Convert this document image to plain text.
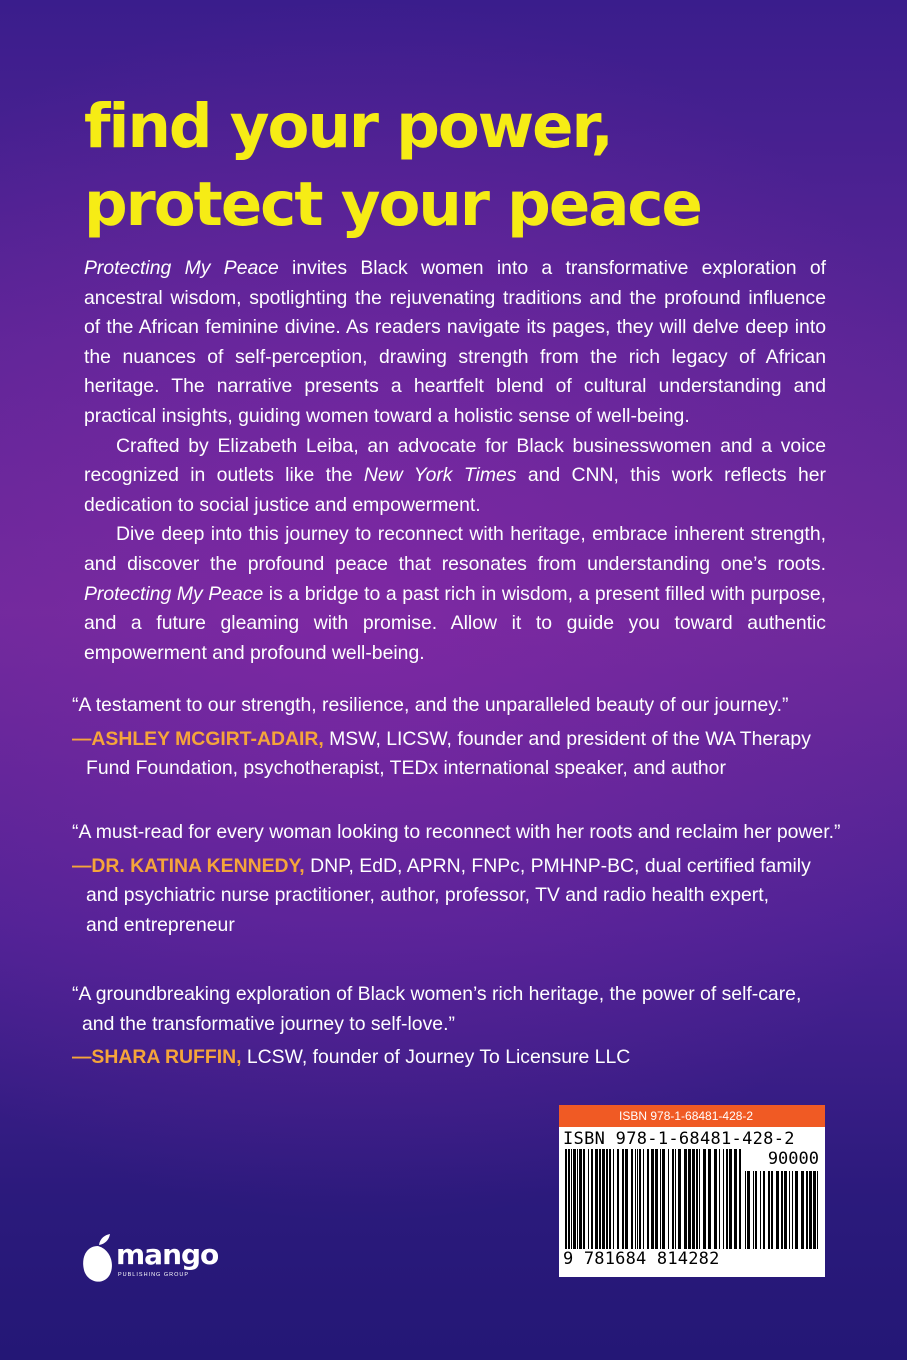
find your power,
protect your peace

Protecting My Peace invites Black women into a transformative exploration of ancestral wisdom, spotlighting the rejuvenating traditions and the profound influence of the African feminine divine. As readers navigate its pages, they will delve deep into the nuances of self-perception, drawing strength from the rich legacy of African heritage. The narrative presents a heartfelt blend of cultural understanding and practical insights, guiding women toward a holistic sense of well-being.

Crafted by Elizabeth Leiba, an advocate for Black businesswomen and a voice recognized in outlets like the New York Times and CNN, this work reflects her dedication to social justice and empowerment.

Dive deep into this journey to reconnect with heritage, embrace inherent strength, and discover the profound peace that resonates from understanding one’s roots. Protecting My Peace is a bridge to a past rich in wisdom, a present filled with purpose, and a future gleaming with promise. Allow it to guide you toward authentic empowerment and profound well-being.

“A testament to our strength, resilience, and the unparalleled beauty of our journey.”

—ASHLEY MCGIRT-ADAIR, MSW, LICSW, founder and president of the WA Therapy
Fund Foundation, psychotherapist, TEDx international speaker, and author

“A must-read for every woman looking to reconnect with her roots and reclaim her power.”

—DR. KATINA KENNEDY, DNP, EdD, APRN, FNPc, PMHNP-BC, dual certified family
and psychiatric nurse practitioner, author, professor, TV and radio health expert,
and entrepreneur

“A groundbreaking exploration of Black women’s rich heritage, the power of self-care,
and the transformative journey to self-love.”

—SHARA RUFFIN, LCSW, founder of Journey To Licensure LLC

ISBN 978-1-68481-428-2
ISBN 978-1-68481-428-2
90000
9 781684 814282
mango
PUBLISHING GROUP
